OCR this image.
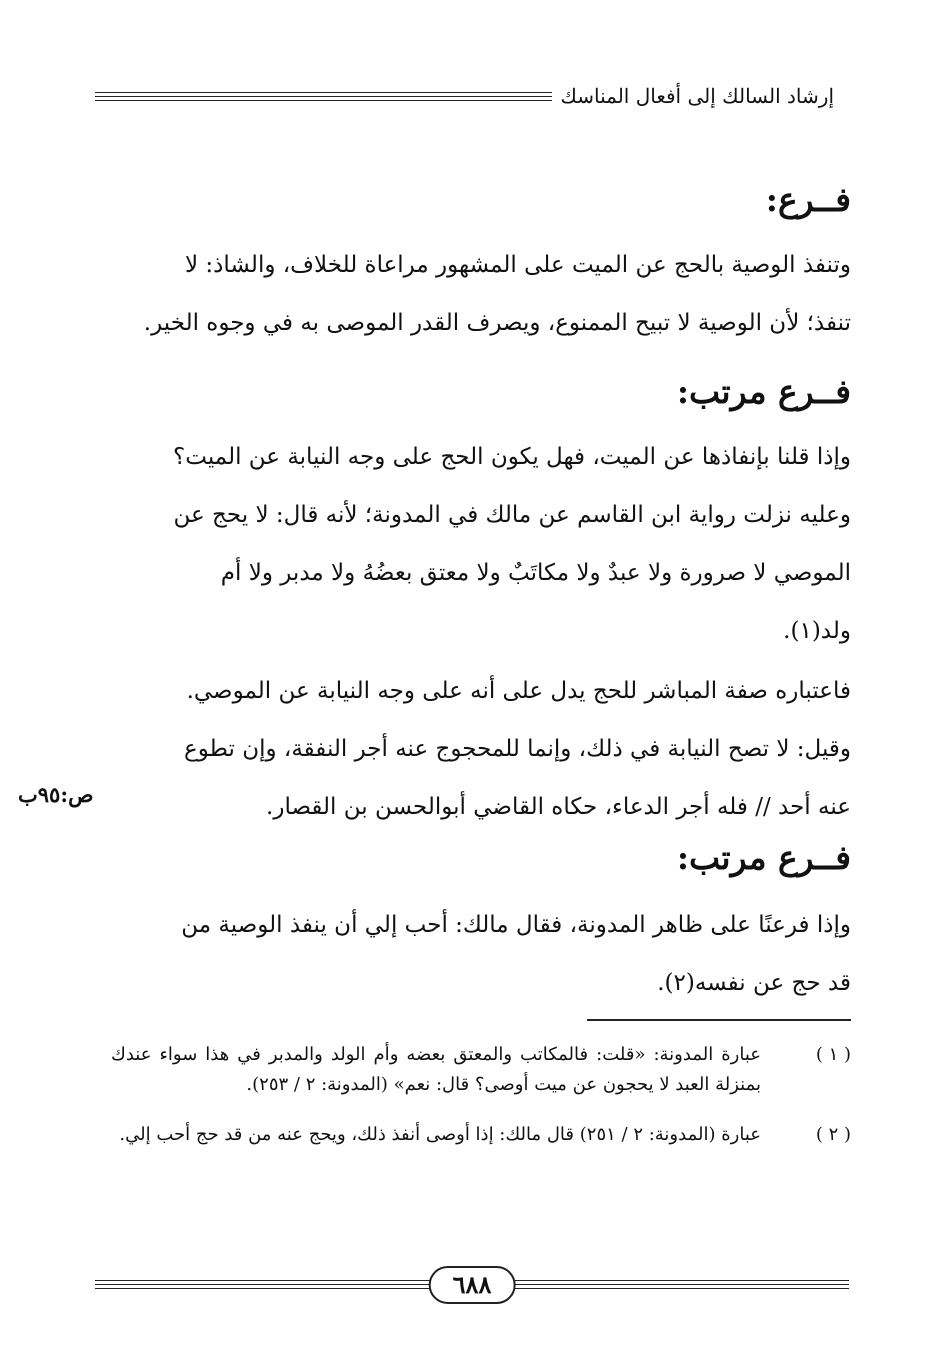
إرشاد السالك إلى أفعال المناسك
فــرع:

وتنفذ الوصية بالحج عن الميت على المشهور مراعاة للخلاف، والشاذ: لا

تنفذ؛ لأن الوصية لا تبيح الممنوع، ويصرف القدر الموصى به في وجوه الخير.

فــرع مرتب:

وإذا قلنا بإنفاذها عن الميت، فهل يكون الحج على وجه النيابة عن الميت؟

وعليه نزلت رواية ابن القاسم عن مالك في المدونة؛ لأنه قال: لا يحج عن

الموصي لا صرورة ولا عبدٌ ولا مكاتَبٌ ولا معتق بعضُهُ ولا مدبر ولا أم

ولد(١).

فاعتباره صفة المباشر للحج يدل على أنه على وجه النيابة عن الموصي.

وقيل: لا تصح النيابة في ذلك، وإنما للمحجوج عنه أجر النفقة، وإن تطوع

عنه أحد // فله أجر الدعاء، حكاه القاضي أبوالحسن بن القصار.

ص:٩٥ب
فــرع مرتب:

وإذا فرعنًا على ظاهر المدونة، فقال مالك: أحب إلي أن ينفذ الوصية من

قد حج عن نفسه(٢).

( ١ )
عبارة المدونة: «قلت: فالمكاتب والمعتق بعضه وأم الولد والمدبر في هذا سواء عندك بمنزلة العبد لا يحجون عن ميت أوصى؟ قال: نعم» (المدونة: ٢ / ٢٥٣).
( ٢ )
عبارة (المدونة: ٢ / ٢٥١) قال مالك: إذا أوصى أنفذ ذلك، ويحج عنه من قد حج أحب إلي.
٦٨٨
